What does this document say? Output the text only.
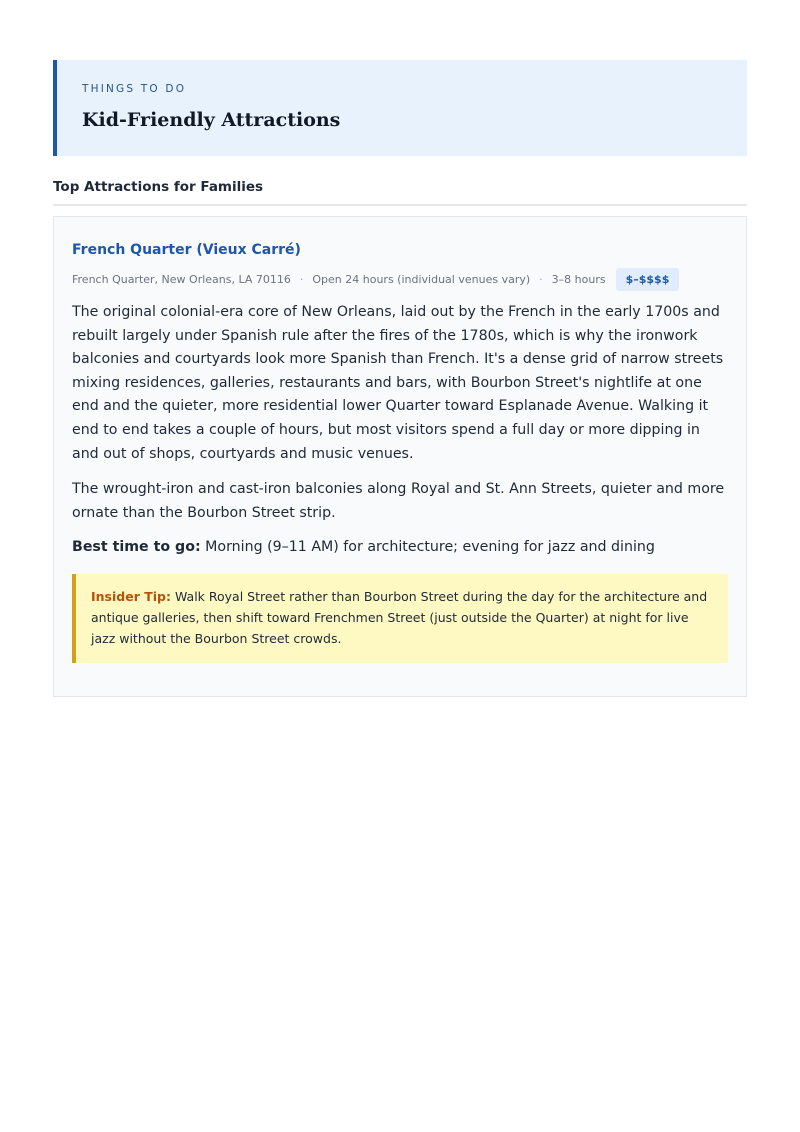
THINGS TO DO
Kid-Friendly Attractions
Top Attractions for Families
French Quarter (Vieux Carré)
French Quarter, New Orleans, LA 70116 · Open 24 hours (individual venues vary) · 3–8 hours	$–$$$$

The original colonial-era core of New Orleans, laid out by the French in the early 1700s and rebuilt largely under Spanish rule after the fires of the 1780s, which is why the ironwork balconies and courtyards look more Spanish than French. It's a dense grid of narrow streets mixing residences, galleries, restaurants and bars, with Bourbon Street's nightlife at one end and the quieter, more residential lower Quarter toward Esplanade Avenue. Walking it end to end takes a couple of hours, but most visitors spend a full day or more dipping in and out of shops, courtyards and music venues.

The wrought-iron and cast-iron balconies along Royal and St. Ann Streets, quieter and more ornate than the Bourbon Street strip.

Best time to go: Morning (9–11 AM) for architecture; evening for jazz and dining

Insider Tip: Walk Royal Street rather than Bourbon Street during the day for the architecture and antique galleries, then shift toward Frenchmen Street (just outside the Quarter) at night for live jazz without the Bourbon Street crowds.
